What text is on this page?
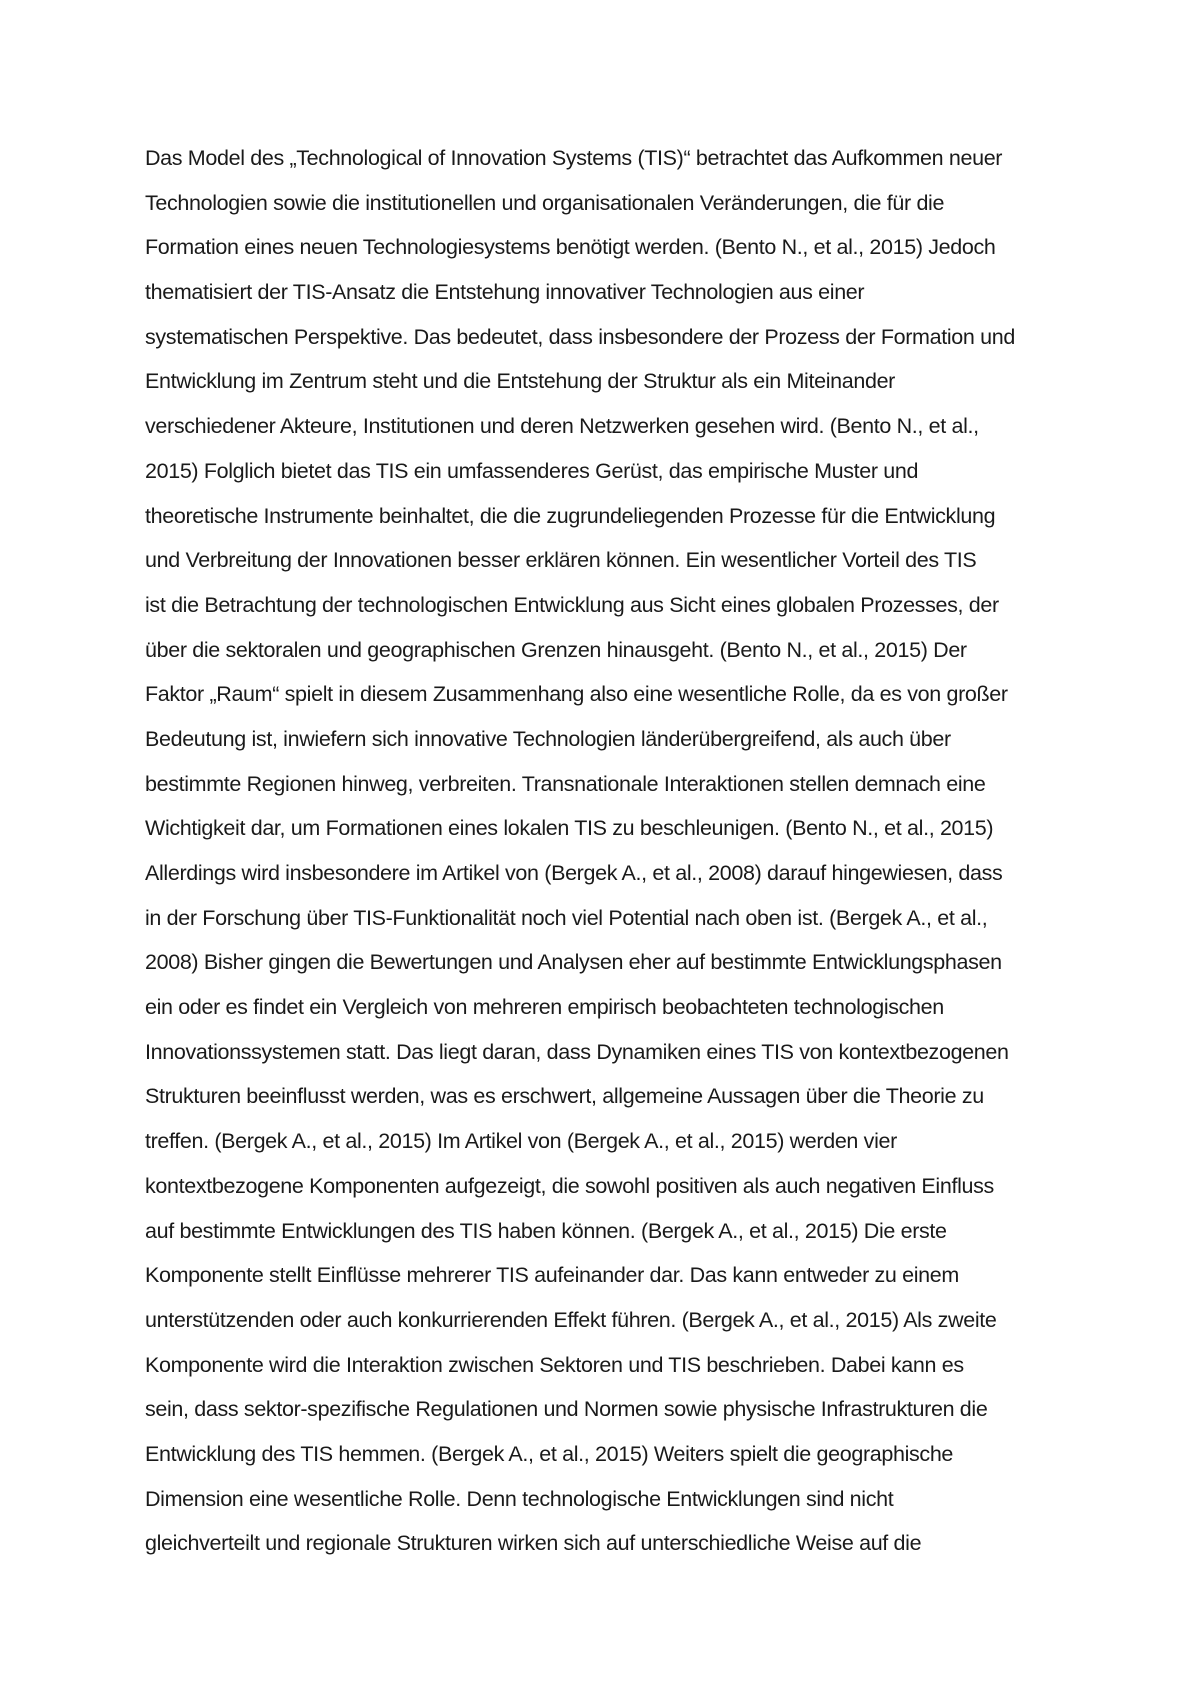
Das Model des „Technological of Innovation Systems (TIS)“ betrachtet das Aufkommen neuer
Technologien sowie die institutionellen und organisationalen Veränderungen, die für die
Formation eines neuen Technologiesystems benötigt werden. (Bento N., et al., 2015) Jedoch
thematisiert der TIS-Ansatz die Entstehung innovativer Technologien aus einer
systematischen Perspektive. Das bedeutet, dass insbesondere der Prozess der Formation und
Entwicklung im Zentrum steht und die Entstehung der Struktur als ein Miteinander
verschiedener Akteure, Institutionen und deren Netzwerken gesehen wird. (Bento N., et al.,
2015) Folglich bietet das TIS ein umfassenderes Gerüst, das empirische Muster und
theoretische Instrumente beinhaltet, die die zugrundeliegenden Prozesse für die Entwicklung
und Verbreitung der Innovationen besser erklären können. Ein wesentlicher Vorteil des TIS
ist die Betrachtung der technologischen Entwicklung aus Sicht eines globalen Prozesses, der
über die sektoralen und geographischen Grenzen hinausgeht. (Bento N., et al., 2015) Der
Faktor „Raum“ spielt in diesem Zusammenhang also eine wesentliche Rolle, da es von großer
Bedeutung ist, inwiefern sich innovative Technologien länderübergreifend, als auch über
bestimmte Regionen hinweg, verbreiten. Transnationale Interaktionen stellen demnach eine
Wichtigkeit dar, um Formationen eines lokalen TIS zu beschleunigen. (Bento N., et al., 2015)
Allerdings wird insbesondere im Artikel von (Bergek A., et al., 2008) darauf hingewiesen, dass
in der Forschung über TIS-Funktionalität noch viel Potential nach oben ist. (Bergek A., et al.,
2008) Bisher gingen die Bewertungen und Analysen eher auf bestimmte Entwicklungsphasen
ein oder es findet ein Vergleich von mehreren empirisch beobachteten technologischen
Innovationssystemen statt. Das liegt daran, dass Dynamiken eines TIS von kontextbezogenen
Strukturen beeinflusst werden, was es erschwert, allgemeine Aussagen über die Theorie zu
treffen. (Bergek A., et al., 2015) Im Artikel von (Bergek A., et al., 2015) werden vier
kontextbezogene Komponenten aufgezeigt, die sowohl positiven als auch negativen Einfluss
auf bestimmte Entwicklungen des TIS haben können. (Bergek A., et al., 2015) Die erste
Komponente stellt Einflüsse mehrerer TIS aufeinander dar. Das kann entweder zu einem
unterstützenden oder auch konkurrierenden Effekt führen. (Bergek A., et al., 2015) Als zweite
Komponente wird die Interaktion zwischen Sektoren und TIS beschrieben. Dabei kann es
sein, dass sektor-spezifische Regulationen und Normen sowie physische Infrastrukturen die
Entwicklung des TIS hemmen. (Bergek A., et al., 2015) Weiters spielt die geographische
Dimension eine wesentliche Rolle. Denn technologische Entwicklungen sind nicht
gleichverteilt und regionale Strukturen wirken sich auf unterschiedliche Weise auf die
